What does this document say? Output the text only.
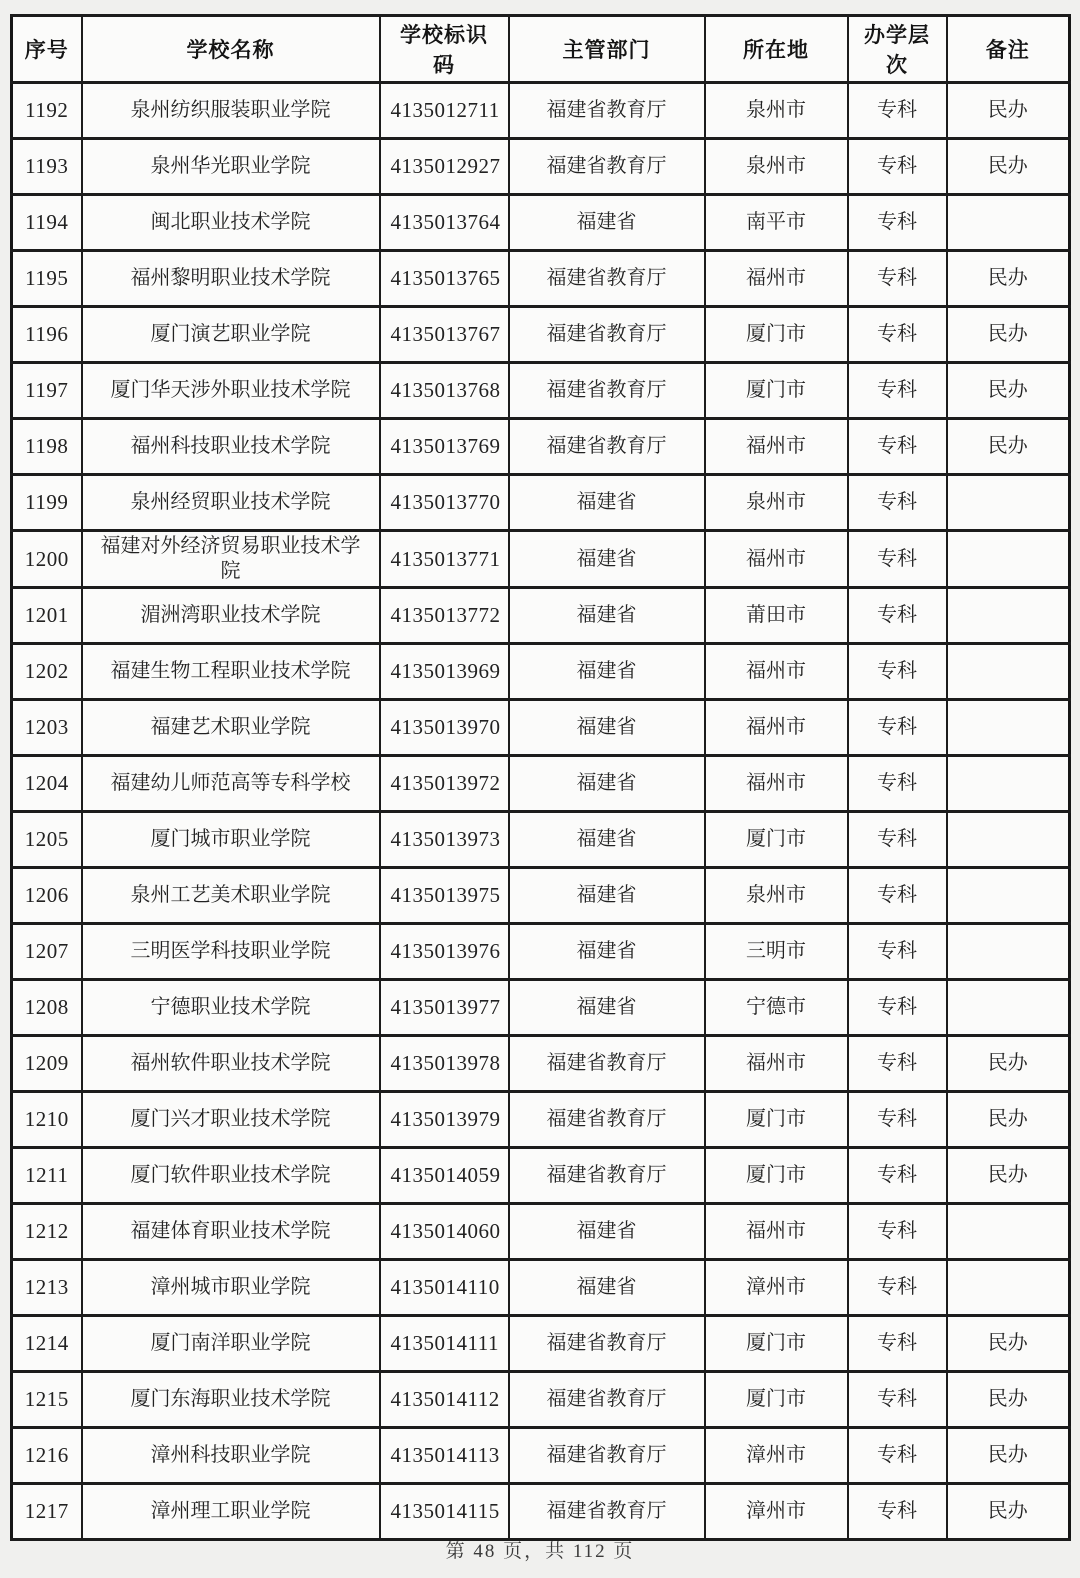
序号	学校名称	学校标识码	主管部门	所在地	办学层次	备注
1192	泉州纺织服装职业学院	4135012711	福建省教育厅	泉州市	专科	民办
1193	泉州华光职业学院	4135012927	福建省教育厅	泉州市	专科	民办
1194	闽北职业技术学院	4135013764	福建省	南平市	专科	
1195	福州黎明职业技术学院	4135013765	福建省教育厅	福州市	专科	民办
1196	厦门演艺职业学院	4135013767	福建省教育厅	厦门市	专科	民办
1197	厦门华天涉外职业技术学院	4135013768	福建省教育厅	厦门市	专科	民办
1198	福州科技职业技术学院	4135013769	福建省教育厅	福州市	专科	民办
1199	泉州经贸职业技术学院	4135013770	福建省	泉州市	专科	
1200	福建对外经济贸易职业技术学院	4135013771	福建省	福州市	专科	
1201	湄洲湾职业技术学院	4135013772	福建省	莆田市	专科	
1202	福建生物工程职业技术学院	4135013969	福建省	福州市	专科	
1203	福建艺术职业学院	4135013970	福建省	福州市	专科	
1204	福建幼儿师范高等专科学校	4135013972	福建省	福州市	专科	
1205	厦门城市职业学院	4135013973	福建省	厦门市	专科	
1206	泉州工艺美术职业学院	4135013975	福建省	泉州市	专科	
1207	三明医学科技职业学院	4135013976	福建省	三明市	专科	
1208	宁德职业技术学院	4135013977	福建省	宁德市	专科	
1209	福州软件职业技术学院	4135013978	福建省教育厅	福州市	专科	民办
1210	厦门兴才职业技术学院	4135013979	福建省教育厅	厦门市	专科	民办
1211	厦门软件职业技术学院	4135014059	福建省教育厅	厦门市	专科	民办
1212	福建体育职业技术学院	4135014060	福建省	福州市	专科	
1213	漳州城市职业学院	4135014110	福建省	漳州市	专科	
1214	厦门南洋职业学院	4135014111	福建省教育厅	厦门市	专科	民办
1215	厦门东海职业技术学院	4135014112	福建省教育厅	厦门市	专科	民办
1216	漳州科技职业学院	4135014113	福建省教育厅	漳州市	专科	民办
1217	漳州理工职业学院	4135014115	福建省教育厅	漳州市	专科	民办
第 48 页，共 112 页
